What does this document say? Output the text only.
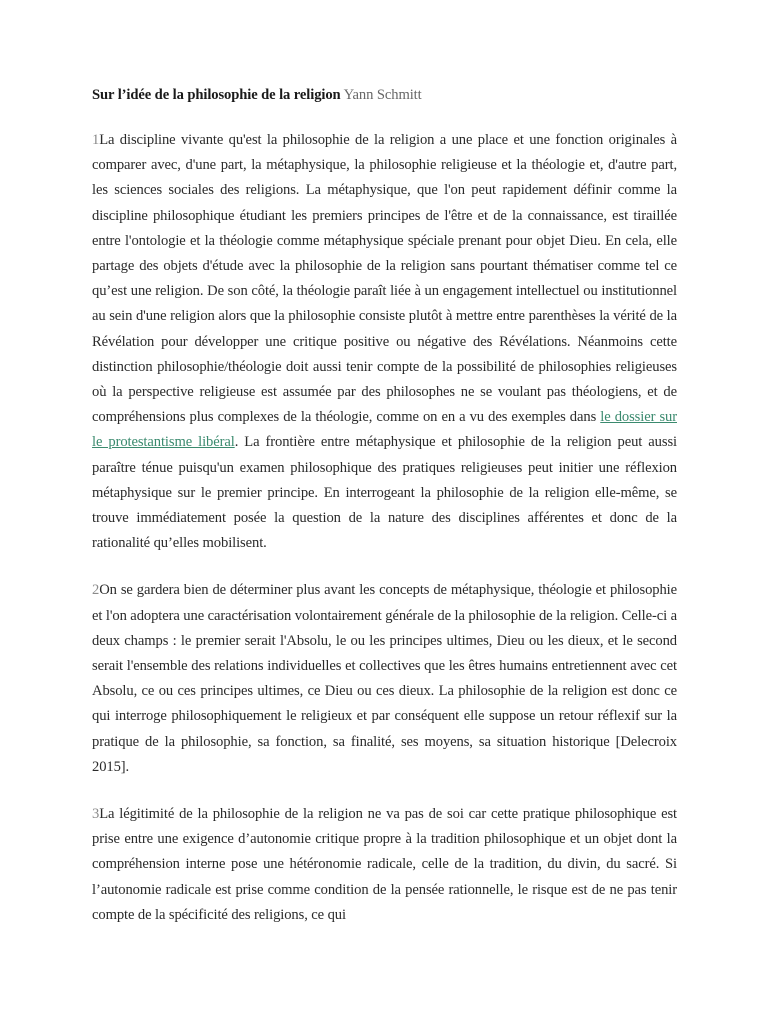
Sur l’idée de la philosophie de la religion Yann Schmitt

1La discipline vivante qu'est la philosophie de la religion a une place et une fonction originales à comparer avec, d'une part, la métaphysique, la philosophie religieuse et la théologie et, d'autre part, les sciences sociales des religions. La métaphysique, que l'on peut rapidement définir comme la discipline philosophique étudiant les premiers principes de l'être et de la connaissance, est tiraillée entre l'ontologie et la théologie comme métaphysique spéciale prenant pour objet Dieu. En cela, elle partage des objets d'étude avec la philosophie de la religion sans pourtant thématiser comme tel ce qu’est une religion. De son côté, la théologie paraît liée à un engagement intellectuel ou institutionnel au sein d'une religion alors que la philosophie consiste plutôt à mettre entre parenthèses la vérité de la Révélation pour développer une critique positive ou négative des Révélations. Néanmoins cette distinction philosophie/théologie doit aussi tenir compte de la possibilité de philosophies religieuses où la perspective religieuse est assumée par des philosophes ne se voulant pas théologiens, et de compréhensions plus complexes de la théologie, comme on en a vu des exemples dans le dossier sur le protestantisme libéral. La frontière entre métaphysique et philosophie de la religion peut aussi paraître ténue puisqu'un examen philosophique des pratiques religieuses peut initier une réflexion métaphysique sur le premier principe. En interrogeant la philosophie de la religion elle-même, se trouve immédiatement posée la question de la nature des disciplines afférentes et donc de la rationalité qu’elles mobilisent.

2On se gardera bien de déterminer plus avant les concepts de métaphysique, théologie et philosophie et l'on adoptera une caractérisation volontairement générale de la philosophie de la religion. Celle-ci a deux champs : le premier serait l'Absolu, le ou les principes ultimes, Dieu ou les dieux, et le second serait l'ensemble des relations individuelles et collectives que les êtres humains entretiennent avec cet Absolu, ce ou ces principes ultimes, ce Dieu ou ces dieux. La philosophie de la religion est donc ce qui interroge philosophiquement le religieux et par conséquent elle suppose un retour réflexif sur la pratique de la philosophie, sa fonction, sa finalité, ses moyens, sa situation historique [Delecroix 2015].

3La légitimité de la philosophie de la religion ne va pas de soi car cette pratique philosophique est prise entre une exigence d’autonomie critique propre à la tradition philosophique et un objet dont la compréhension interne pose une hétéronomie radicale, celle de la tradition, du divin, du sacré. Si l’autonomie radicale est prise comme condition de la pensée rationnelle, le risque est de ne pas tenir compte de la spécificité des religions, ce qui
